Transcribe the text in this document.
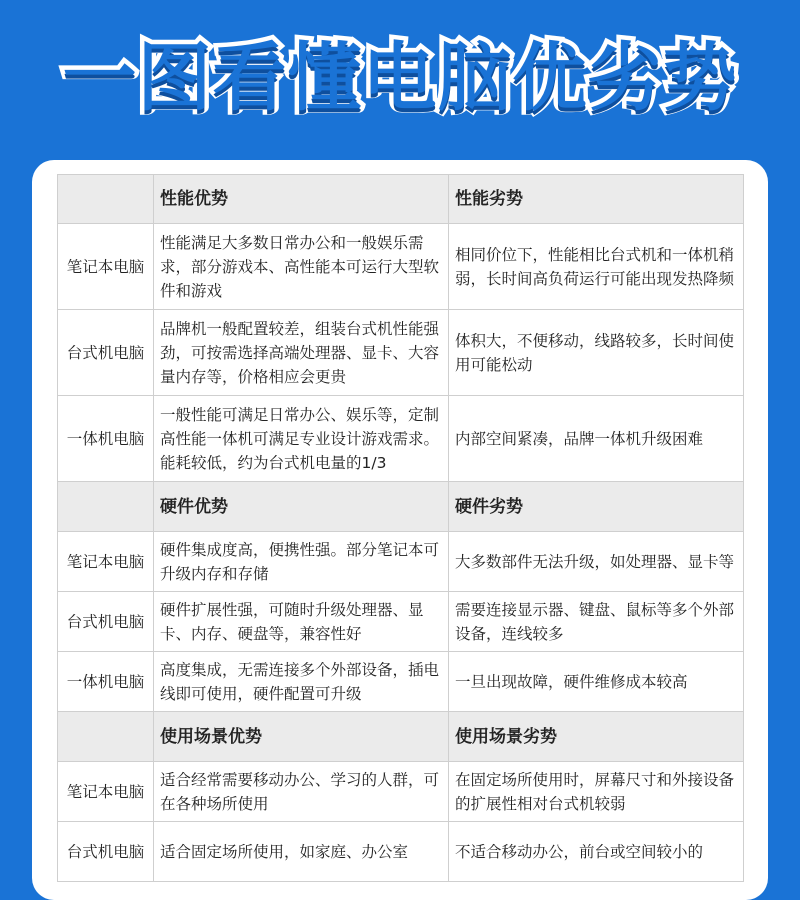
一图看懂电脑优劣势
	性能优势	性能劣势
笔记本电脑	性能满足大多数日常办公和一般娱乐需求，部分游戏本、高性能本可运行大型软件和游戏	相同价位下，性能相比台式机和一体机稍弱，长时间高负荷运行可能出现发热降频
台式机电脑	品牌机一般配置较差，组装台式机性能强劲，可按需选择高端处理器、显卡、大容量内存等，价格相应会更贵	体积大，不便移动，线路较多，长时间使用可能松动
一体机电脑	一般性能可满足日常办公、娱乐等，定制高性能一体机可满足专业设计游戏需求。能耗较低，约为台式机电量的1/3	内部空间紧凑，品牌一体机升级困难
	硬件优势	硬件劣势
笔记本电脑	硬件集成度高，便携性强。部分笔记本可升级内存和存储	大多数部件无法升级，如处理器、显卡等
台式机电脑	硬件扩展性强，可随时升级处理器、显卡、内存、硬盘等，兼容性好	需要连接显示器、键盘、鼠标等多个外部设备，连线较多
一体机电脑	高度集成，无需连接多个外部设备，插电线即可使用，硬件配置可升级	一旦出现故障，硬件维修成本较高
	使用场景优势	使用场景劣势
笔记本电脑	适合经常需要移动办公、学习的人群，可在各种场所使用	在固定场所使用时，屏幕尺寸和外接设备的扩展性相对台式机较弱
台式机电脑	适合固定场所使用，如家庭、办公室	不适合移动办公，前台或空间较小的
